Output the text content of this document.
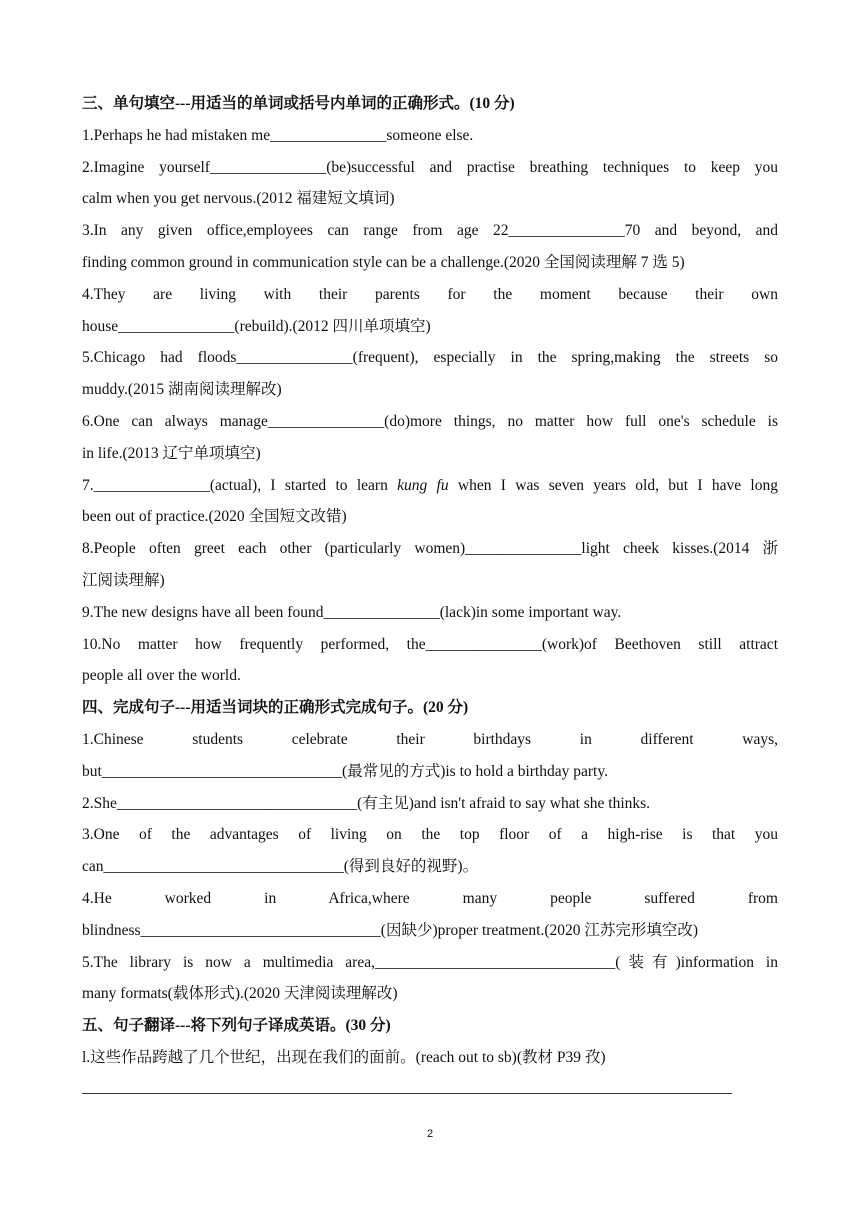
三、单句填空---用适当的单词或括号内单词的正确形式。(10 分)
1.Perhaps he had mistaken me_______________someone else.
2.Imagine yourself_______________(be)successful and practise breathing techniques to keep you
calm when you get nervous.(2012 福建短文填词)
3.In any given office,employees can range from age 22_______________70 and beyond, and
finding common ground in communication style can be a challenge.(2020 全国阅读理解 7 选 5)
4.They are living with their parents for the moment because their own
house_______________(rebuild).(2012 四川单项填空)
5.Chicago had floods_______________(frequent), especially in the spring,making the streets so
muddy.(2015 湖南阅读理解改)
6.One can always manage_______________(do)more things, no matter how full one's schedule is
in life.(2013 辽宁单项填空)
7._______________(actual), I started to learn kung fu when I was seven years old, but I have long
been out of practice.(2020 全国短文改错)
8.People often greet each other (particularly women)_______________light cheek kisses.(2014 浙
江阅读理解)
9.The new designs have all been found_______________(lack)in some important way.
10.No matter how frequently performed, the_______________(work)of Beethoven still attract
people all over the world.
四、完成句子---用适当词块的正确形式完成句子。(20 分)
1.Chinese students celebrate their birthdays in different ways,
but_______________________________(最常见的方式)is to hold a birthday party.
2.She_______________________________(有主见)and isn't afraid to say what she thinks.
3.One of the advantages of living on the top floor of a high-rise is that you
can_______________________________(得到良好的视野)。
4.He worked in Africa,where many people suffered from
blindness_______________________________(因缺少)proper treatment.(2020 江苏完形填空改)
5.The library is now a multimedia area,_______________________________(装有)information in
many formats(载体形式).(2020 天津阅读理解改)
五、句子翻译---将下列句子译成英语。(30 分)
l.这些作品跨越了几个世纪，出现在我们的面前。(reach out to sb)(教材 P39 孜)
2
